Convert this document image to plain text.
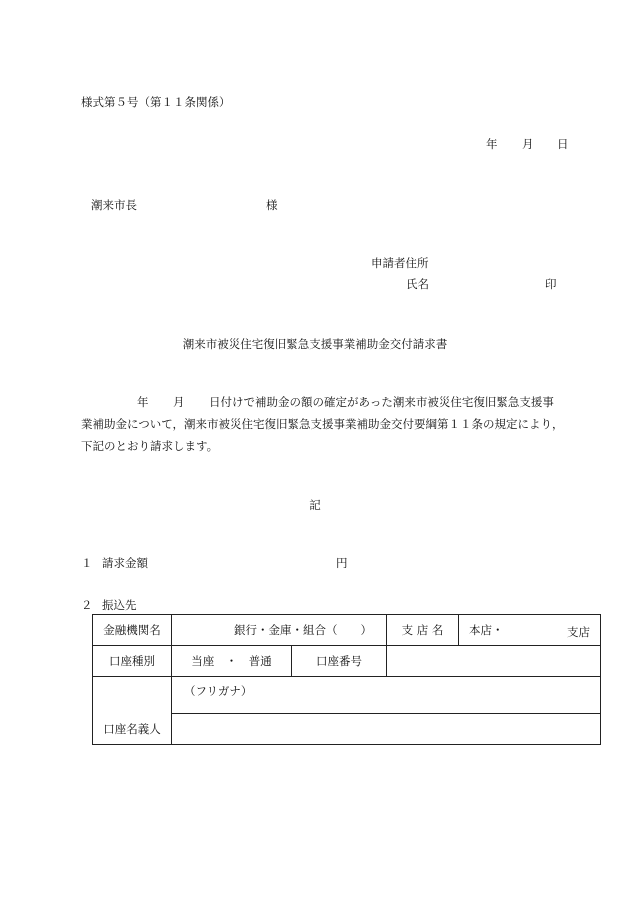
様式第５号（第１１条関係）
年 月 日
潮来市長	様
申請者住所
氏名	印
潮来市被災住宅復旧緊急支援事業補助金交付請求書
年 月 日付けで補助金の額の確定があった潮来市被災住宅復旧緊急支援事
業補助金について，潮来市被災住宅復旧緊急支援事業補助金交付要綱第１１条の規定により，
下記のとおり請求します。
記
１ 請求金額	円
２ 振込先
金融機関名	銀行・金庫・組合（　　）		支 店 名	本店・ 支店

口座種別	当座　・　普通	口座番号		
	（フリガナ）			
口座名義人				
